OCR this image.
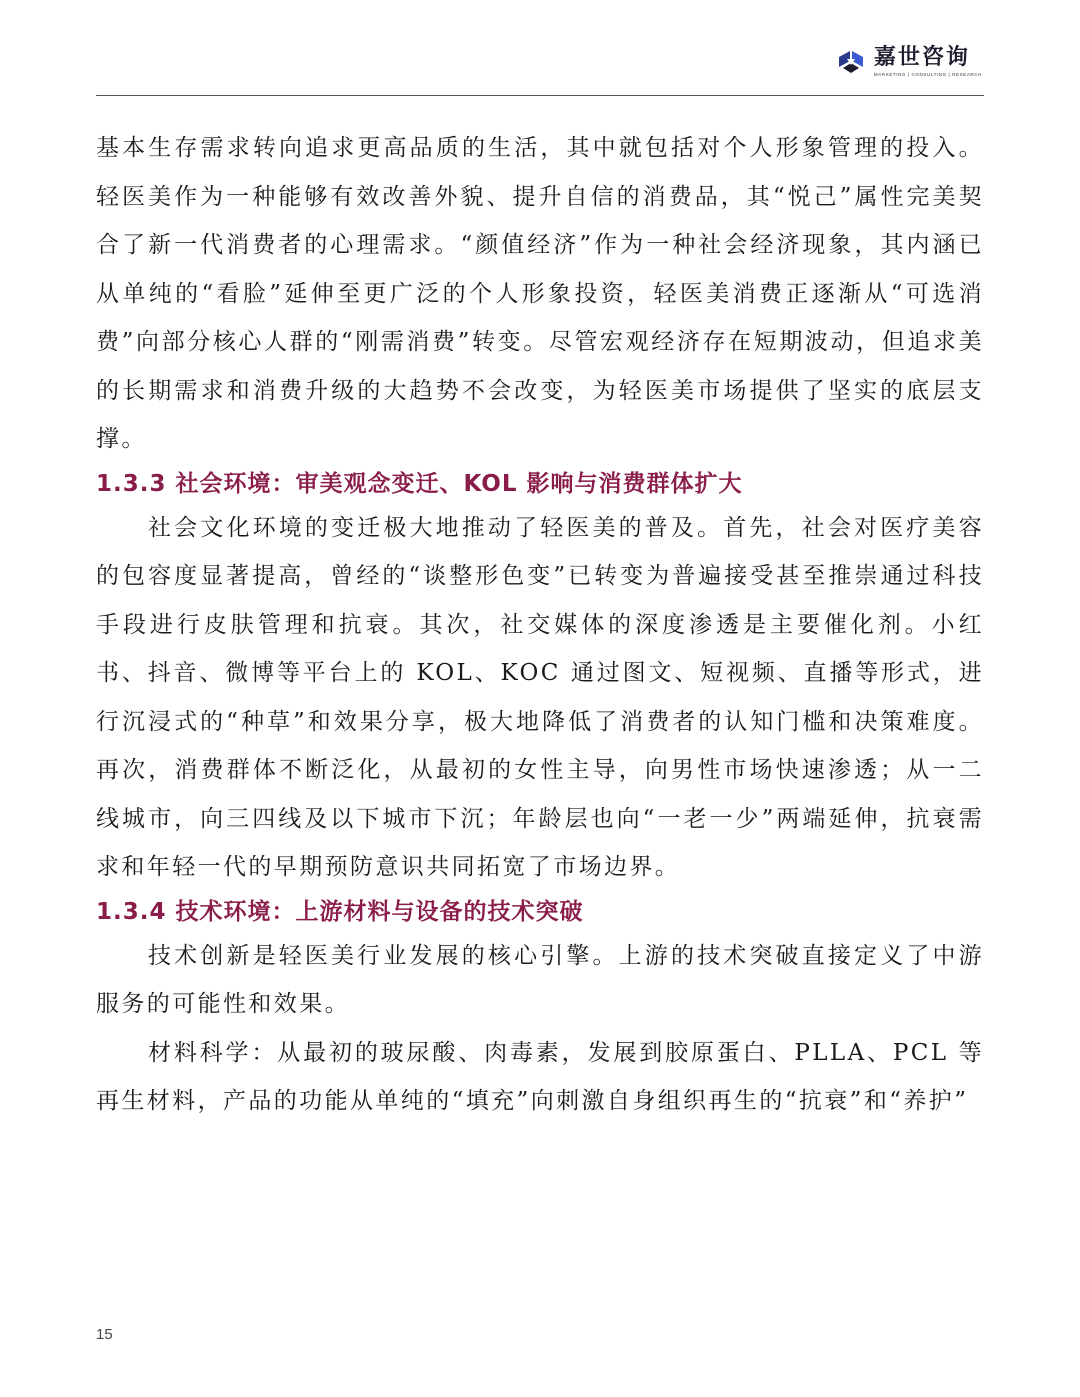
嘉世咨询
MARKETING | CONSULTING | RESEARCH

基本生存需求转向追求更高品质的生活，其中就包括对个人形象管理的投入。轻医美作为一种能够有效改善外貌、提升自信的消费品，其“悦己”属性完美契合了新一代消费者的心理需求。“颜值经济”作为一种社会经济现象，其内涵已从单纯的“看脸”延伸至更广泛的个人形象投资，轻医美消费正逐渐从“可选消费”向部分核心人群的“刚需消费”转变。尽管宏观经济存在短期波动，但追求美的长期需求和消费升级的大趋势不会改变，为轻医美市场提供了坚实的底层支撑。

1.3.3 社会环境：审美观念变迁、KOL 影响与消费群体扩大

社会文化环境的变迁极大地推动了轻医美的普及。首先，社会对医疗美容的包容度显著提高，曾经的“谈整形色变”已转变为普遍接受甚至推崇通过科技手段进行皮肤管理和抗衰。其次，社交媒体的深度渗透是主要催化剂。小红书、抖音、微博等平台上的 KOL、KOC 通过图文、短视频、直播等形式，进行沉浸式的“种草”和效果分享，极大地降低了消费者的认知门槛和决策难度。再次，消费群体不断泛化，从最初的女性主导，向男性市场快速渗透；从一二线城市，向三四线及以下城市下沉；年龄层也向“一老一少”两端延伸，抗衰需求和年轻一代的早期预防意识共同拓宽了市场边界。

1.3.4 技术环境：上游材料与设备的技术突破

技术创新是轻医美行业发展的核心引擎。上游的技术突破直接定义了中游服务的可能性和效果。

材料科学：从最初的玻尿酸、肉毒素，发展到胶原蛋白、PLLA、PCL 等再生材料，产品的功能从单纯的“填充”向刺激自身组织再生的“抗衰”和“养护”

15
